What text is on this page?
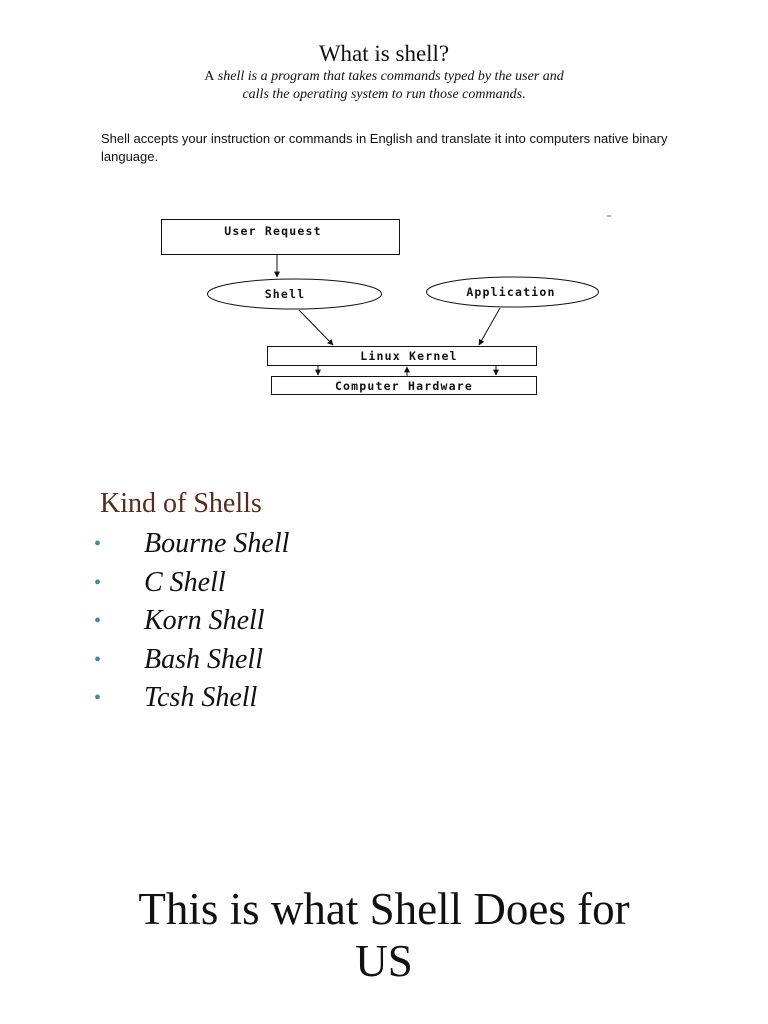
What is shell?
A shell is a program that takes commands typed by the user and calls the operating system to run those commands.
Shell accepts your instruction or commands in English and translate it into computers native binary language.
User Request
Shell	Application
Linux Kernel
Computer Hardware
Kind of Shells
•	Bourne Shell
•	C Shell
•	Korn Shell
•	Bash Shell
•	Tcsh Shell
This is what Shell Does for
US
